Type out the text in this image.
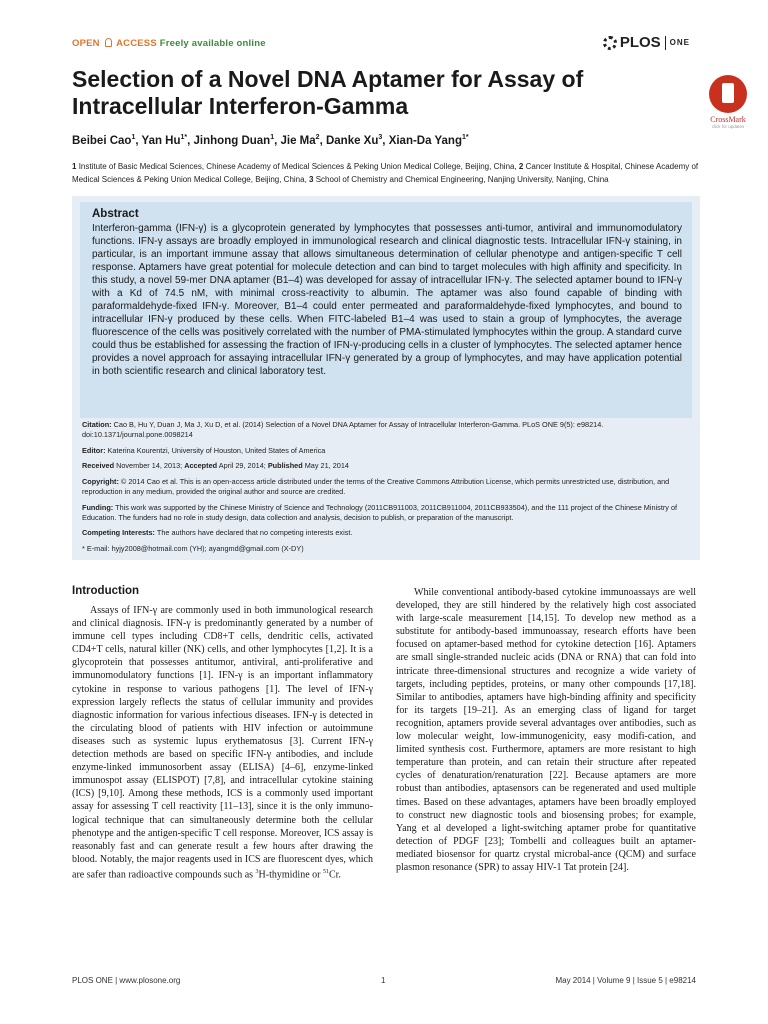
OPEN ACCESS Freely available online	PLOS ONE
Selection of a Novel DNA Aptamer for Assay of Intracellular Interferon-Gamma
CrossMark
click for updates
Beibei Cao$^1$, Yan $Hu^{1*}$, Jinhong Duan$^1$, Jie Ma$^2$, Danke Xu$^3$, Xian-Da Yang$^{1*}$
1 Institute of Basic Medical Sciences, Chinese Academy of Medical Sciences & Peking Union Medical College, Beijing, China, 2 Cancer Institute & Hospital, Chinese Academy of Medical Sciences & Peking Union Medical College, Beijing, China, 3 School of Chemistry and Chemical Engineering, Nanjing University, Nanjing, China
Abstract
Interferon-gamma (IFN-γ) is a glycoprotein generated by lymphocytes that possesses anti-tumor, antiviral and immunomodulatory functions. IFN-γ assays are broadly employed in immunological research and clinical diagnostic tests. Intracellular IFN-γ staining, in particular, is an important immune assay that allows simultaneous determination of cellular phenotype and antigen-specific T cell response. Aptamers have great potential for molecule detection and can bind to target molecules with high affinity and specificity. In this study, a novel 59-mer DNA aptamer (B1–4) was developed for assay of intracellular IFN-γ. The selected aptamer bound to IFN-γ with a Kd of 74.5 nM, with minimal cross-reactivity to albumin. The aptamer was also found capable of binding with paraformaldehyde-fixed IFN-γ. Moreover, B1–4 could enter permeated and paraformaldehyde-fixed lymphocytes, and bound to intracellular IFN-γ produced by these cells. When FITC-labeled B1–4 was used to stain a group of lymphocytes, the average fluorescence of the cells was positively correlated with the number of PMA-stimulated lymphocytes within the group. A standard curve could thus be established for assessing the fraction of IFN-γ-producing cells in a cluster of lymphocytes. The selected aptamer hence provides a novel approach for assaying intracellular IFN-γ generated by a group of lymphocytes, and may have application potential in both scientific research and clinical laboratory test.

Citation: Cao B, Hu Y, Duan J, Ma J, Xu D, et al. (2014) Selection of a Novel DNA Aptamer for Assay of Intracellular Interferon-Gamma. PLoS ONE 9(5): e98214. doi:10.1371/journal.pone.0098214

Editor: Katerina Kourentzi, University of Houston, United States of America

Received November 14, 2013; Accepted April 29, 2014; Published May 21, 2014

Copyright: © 2014 Cao et al. This is an open-access article distributed under the terms of the Creative Commons Attribution License, which permits unrestricted use, distribution, and reproduction in any medium, provided the original author and source are credited.

Funding: This work was supported by the Chinese Ministry of Science and Technology (2011CB911003, 2011CB911004, 2011CB933504), and the 111 project of the Chinese Ministry of Education. The funders had no role in study design, data collection and analysis, decision to publish, or preparation of the manuscript.

Competing Interests: The authors have declared that no competing interests exist.

* E-mail: hyjy2008@hotmail.com (YH); ayangmd@gmail.com (X-DY)

Introduction
Assays of IFN-γ are commonly used in both immunological research and clinical diagnosis. IFN-γ is predominantly generated by a number of immune cell types including CD8+T cells, dendritic cells, activated CD4+T cells, natural killer (NK) cells, and other lymphocytes [1,2]. It is a glycoprotein that possesses antitumor, antiviral, anti-proliferative and immunomodulatory functions [1]. IFN-γ is an important inflammatory cytokine in response to various pathogens [1]. The level of IFN-γ expression largely reflects the status of cellular immunity and provides diagnostic information for various infectious diseases. IFN-γ is detected in the circulating blood of patients with HIV infection or autoimmune diseases such as systemic lupus erythematosus [3]. Current IFN-γ detection methods are based on specific IFN-γ antibodies, and include enzyme-linked immunosorbent assay (ELISA) [4–6], enzyme-linked immunospot assay (ELISPOT) [7,8], and intracellular cytokine staining (ICS) [9,10]. Among these methods, ICS is a commonly used important assay for assessing T cell reactivity [11–13], since it is the only immuno-logical technique that can simultaneously determine both the cellular phenotype and the antigen-specific T cell response. Moreover, ICS assay is reasonably fast and can generate result a few hours after drawing the blood. Notably, the major reagents used in ICS are fluorescent dyes, which are safer than radioactive compounds such as $^3$H-thymidine or $^{51}$Cr.
While conventional antibody-based cytokine immunoassays are well developed, they are still hindered by the relatively high cost associated with large-scale measurement [14,15]. To develop new method as a substitute for antibody-based immunoassay, research efforts have been focused on aptamer-based method for cytokine detection [16]. Aptamers are small single-stranded nucleic acids (DNA or RNA) that can fold into intricate three-dimensional structures and recognize a wide variety of targets, including peptides, proteins, or many other compounds [17,18]. Similar to antibodies, aptamers have high-binding affinity and specificity for its targets [19–21]. As an emerging class of ligand for target recognition, aptamers provide several advantages over antibodies, such as low molecular weight, low-immunogenicity, easy modifi-cation, and limited synthesis cost. Furthermore, aptamers are more resistant to high temperature than protein, and can retain their structure after repeated cycles of denaturation/renaturation [22]. Because aptamers are more robust than antibodies, aptasensors can be regenerated and used multiple times. Based on these advantages, aptamers have been broadly employed to construct new diagnostic tools and biosensing probes; for example, Yang et al developed a light-switching aptamer probe for quantitative detection of PDGF [23]; Tombelli and colleagues built an aptamer-mediated biosensor for quartz crystal microbal-ance (QCM) and surface plasmon resonance (SPR) to assay HIV-1 Tat protein [24].
PLOS ONE | www.plosone.org	1	May 2014 | Volume 9 | Issue 5 | e98214
